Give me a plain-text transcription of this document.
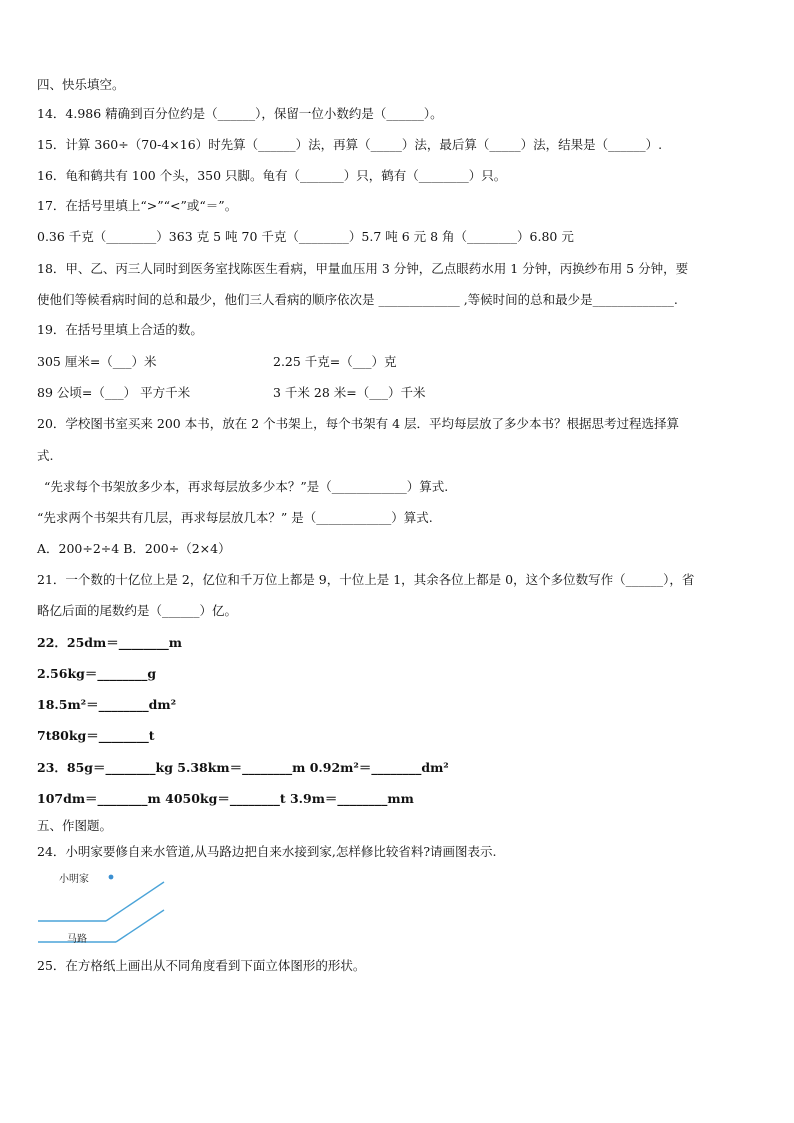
四、快乐填空。
14．4.986 精确到百分位约是（______），保留一位小数约是（______）。
15．计算 360÷（70-4×16）时先算（______）法，再算（_____）法，最后算（_____）法，结果是（______）.
16．龟和鹤共有 100 个头，350 只脚。龟有（_______）只，鹤有（________）只。
17．在括号里填上“>”“<”或“＝”。
0.36 千克（________）363 克 5 吨 70 千克（________）5.7 吨 6 元 8 角（________）6.80 元
18．甲、乙、丙三人同时到医务室找陈医生看病，甲量血压用 3 分钟，乙点眼药水用 1 分钟，丙换纱布用 5 分钟，要
使他们等候看病时间的总和最少，他们三人看病的顺序依次是 _____________ ,等候时间的总和最少是_____________.
19．在括号里填上合适的数。
305 厘米=（___）米	2.25 千克=（___）克
89 公顷=（___） 平方千米	3 千米 28 米=（___）千米
20．学校图书室买来 200 本书，放在 2 个书架上，每个书架有 4 层．平均每层放了多少本书？根据思考过程选择算
式.
“先求每个书架放多少本，再求每层放多少本？”是（____________）算式.
“先求两个书架共有几层，再求每层放几本？” 是（____________）算式.
A．200÷2÷4 B．200÷（2×4）
21．一个数的十亿位上是 2，亿位和千万位上都是 9，十位上是 1，其余各位上都是 0，这个多位数写作（______），省
略亿后面的尾数约是（______）亿。
22．25dm＝________m
2.56kg＝________g
18.5m²＝________dm²
7t80kg＝________t
23．85g＝________kg 5.38km＝________m 0.92m²＝________dm²
107dm＝________m 4050kg＝________t 3.9m＝________mm
五、作图题。
24．小明家要修自来水管道,从马路边把自来水接到家,怎样修比较省料?请画图表示.
小明家
马路
25．在方格纸上画出从不同角度看到下面立体图形的形状。
